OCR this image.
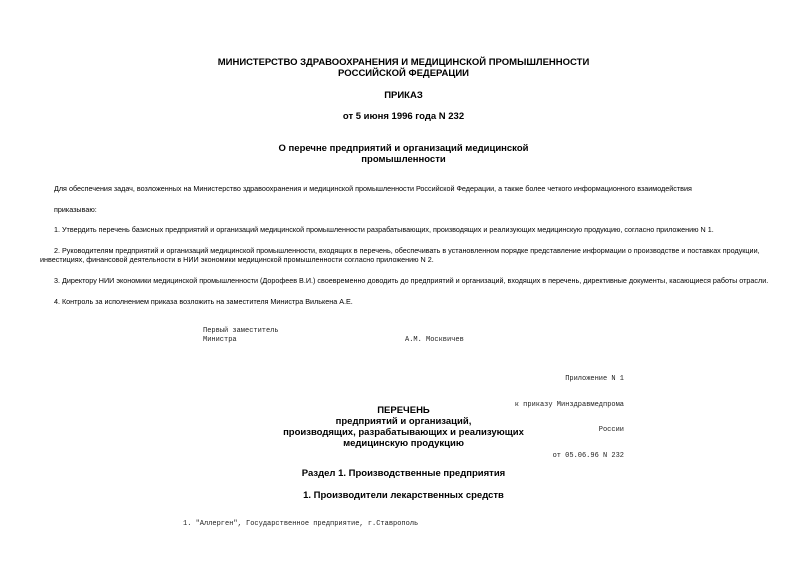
МИНИСТЕРСТВО ЗДРАВООХРАНЕНИЯ И МЕДИЦИНСКОЙ ПРОМЫШЛЕННОСТИ
РОССИЙСКОЙ ФЕДЕРАЦИИ
ПРИКАЗ
от 5 июня 1996 года N 232
О перечне предприятий и организаций медицинской
промышленности
Для обеспечения задач, возложенных на Министерство здравоохранения и медицинской промышленности Российской Федерации, а также более четкого информационного взаимодействия
приказываю:
1. Утвердить перечень базисных предприятий и организаций медицинской промышленности разрабатывающих, производящих и реализующих медицинскую продукцию, согласно приложению N 1.
2. Руководителям предприятий и организаций медицинской промышленности, входящих в перечень, обеспечивать в установленном порядке представление информации о производстве и поставках продукции, инвестициях, финансовой деятельности в НИИ экономики медицинской промышленности согласно приложению N 2.
3. Директору НИИ экономики медицинской промышленности (Дорофеев В.И.) своевременно доводить до предприятий и организаций, входящих в перечень, директивные документы, касающиеся работы отрасли.
4. Контроль за исполнением приказа возложить на заместителя Министра Вилькена А.Е.
Первый заместитель
Министра	А.М. Москвичев

Приложение N 1

к приказу Минздравмедпрома

России

от 05.06.96 N 232

ПЕРЕЧЕНЬ
предприятий и организаций,
производящих, разрабатывающих и реализующих
медицинскую продукцию
Раздел 1. Производственные предприятия
1. Производители лекарственных средств
1. "Аллерген", Государственное предприятие, г.Ставрополь
